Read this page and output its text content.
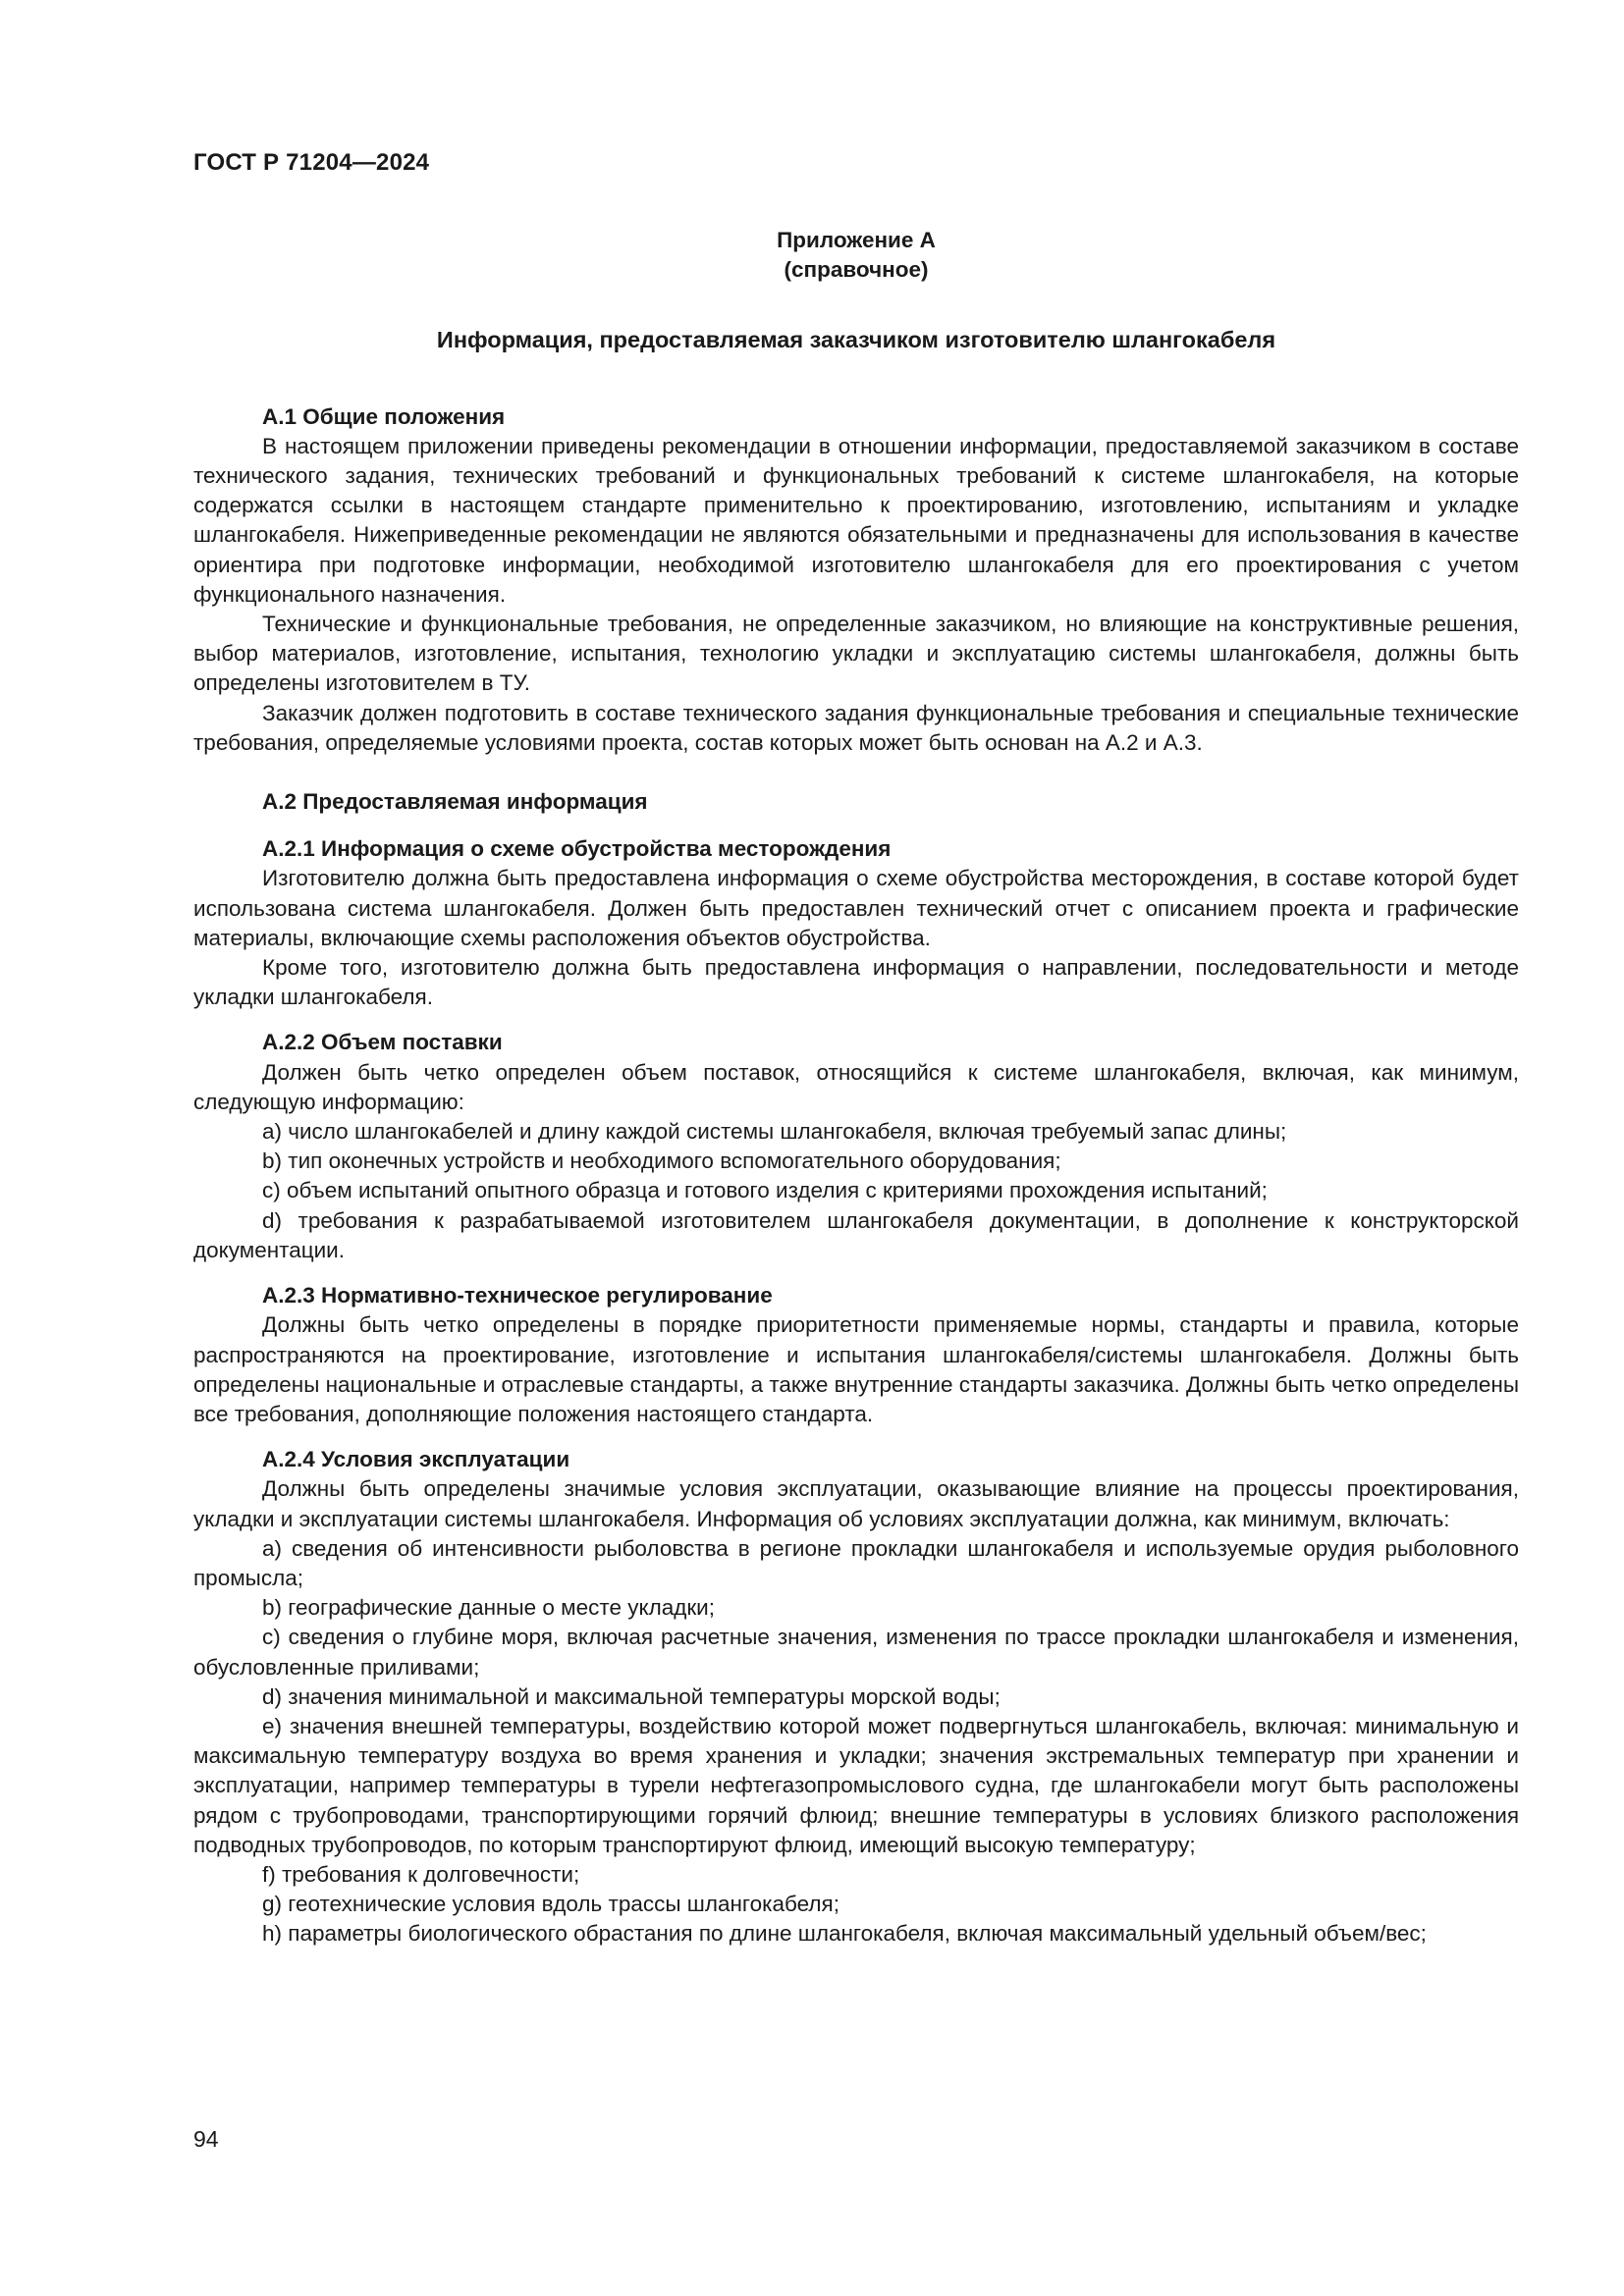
ГОСТ Р 71204—2024
Приложение А
(справочное)
Информация, предоставляемая заказчиком изготовителю шлангокабеля
А.1 Общие положения

В настоящем приложении приведены рекомендации в отношении информации, предоставляемой заказчиком в составе технического задания, технических требований и функциональных требований к системе шлангокабеля, на которые содержатся ссылки в настоящем стандарте применительно к проектированию, изготовлению, испытаниям и укладке шлангокабеля. Нижеприведенные рекомендации не являются обязательными и предназначены для использования в качестве ориентира при подготовке информации, необходимой изготовителю шлангокабеля для его проектирования с учетом функционального назначения.

Технические и функциональные требования, не определенные заказчиком, но влияющие на конструктивные решения, выбор материалов, изготовление, испытания, технологию укладки и эксплуатацию системы шлангокабеля, должны быть определены изготовителем в ТУ.

Заказчик должен подготовить в составе технического задания функциональные требования и специальные технические требования, определяемые условиями проекта, состав которых может быть основан на А.2 и А.3.

А.2 Предоставляемая информация
А.2.1 Информация о схеме обустройства месторождения

Изготовителю должна быть предоставлена информация о схеме обустройства месторождения, в составе которой будет использована система шлангокабеля. Должен быть предоставлен технический отчет с описанием проекта и графические материалы, включающие схемы расположения объектов обустройства.

Кроме того, изготовителю должна быть предоставлена информация о направлении, последовательности и методе укладки шлангокабеля.

А.2.2 Объем поставки

Должен быть четко определен объем поставок, относящийся к системе шлангокабеля, включая, как минимум, следующую информацию:

a) число шлангокабелей и длину каждой системы шлангокабеля, включая требуемый запас длины;

b) тип оконечных устройств и необходимого вспомогательного оборудования;

c) объем испытаний опытного образца и готового изделия с критериями прохождения испытаний;

d) требования к разрабатываемой изготовителем шлангокабеля документации, в дополнение к конструкторской документации.

А.2.3 Нормативно-техническое регулирование

Должны быть четко определены в порядке приоритетности применяемые нормы, стандарты и правила, которые распространяются на проектирование, изготовление и испытания шлангокабеля/системы шлангокабеля. Должны быть определены национальные и отраслевые стандарты, а также внутренние стандарты заказчика. Должны быть четко определены все требования, дополняющие положения настоящего стандарта.

А.2.4 Условия эксплуатации

Должны быть определены значимые условия эксплуатации, оказывающие влияние на процессы проектирования, укладки и эксплуатации системы шлангокабеля. Информация об условиях эксплуатации должна, как минимум, включать:

a) сведения об интенсивности рыболовства в регионе прокладки шлангокабеля и используемые орудия рыболовного промысла;

b) географические данные о месте укладки;

c) сведения о глубине моря, включая расчетные значения, изменения по трассе прокладки шлангокабеля и изменения, обусловленные приливами;

d) значения минимальной и максимальной температуры морской воды;

e) значения внешней температуры, воздействию которой может подвергнуться шлангокабель, включая: минимальную и максимальную температуру воздуха во время хранения и укладки; значения экстремальных температур при хранении и эксплуатации, например температуры в турели нефтегазопромыслового судна, где шлангокабели могут быть расположены рядом с трубопроводами, транспортирующими горячий флюид; внешние температуры в условиях близкого расположения подводных трубопроводов, по которым транспортируют флюид, имеющий высокую температуру;

f) требования к долговечности;

g) геотехнические условия вдоль трассы шлангокабеля;

h) параметры биологического обрастания по длине шлангокабеля, включая максимальный удельный объем/вес;

94
